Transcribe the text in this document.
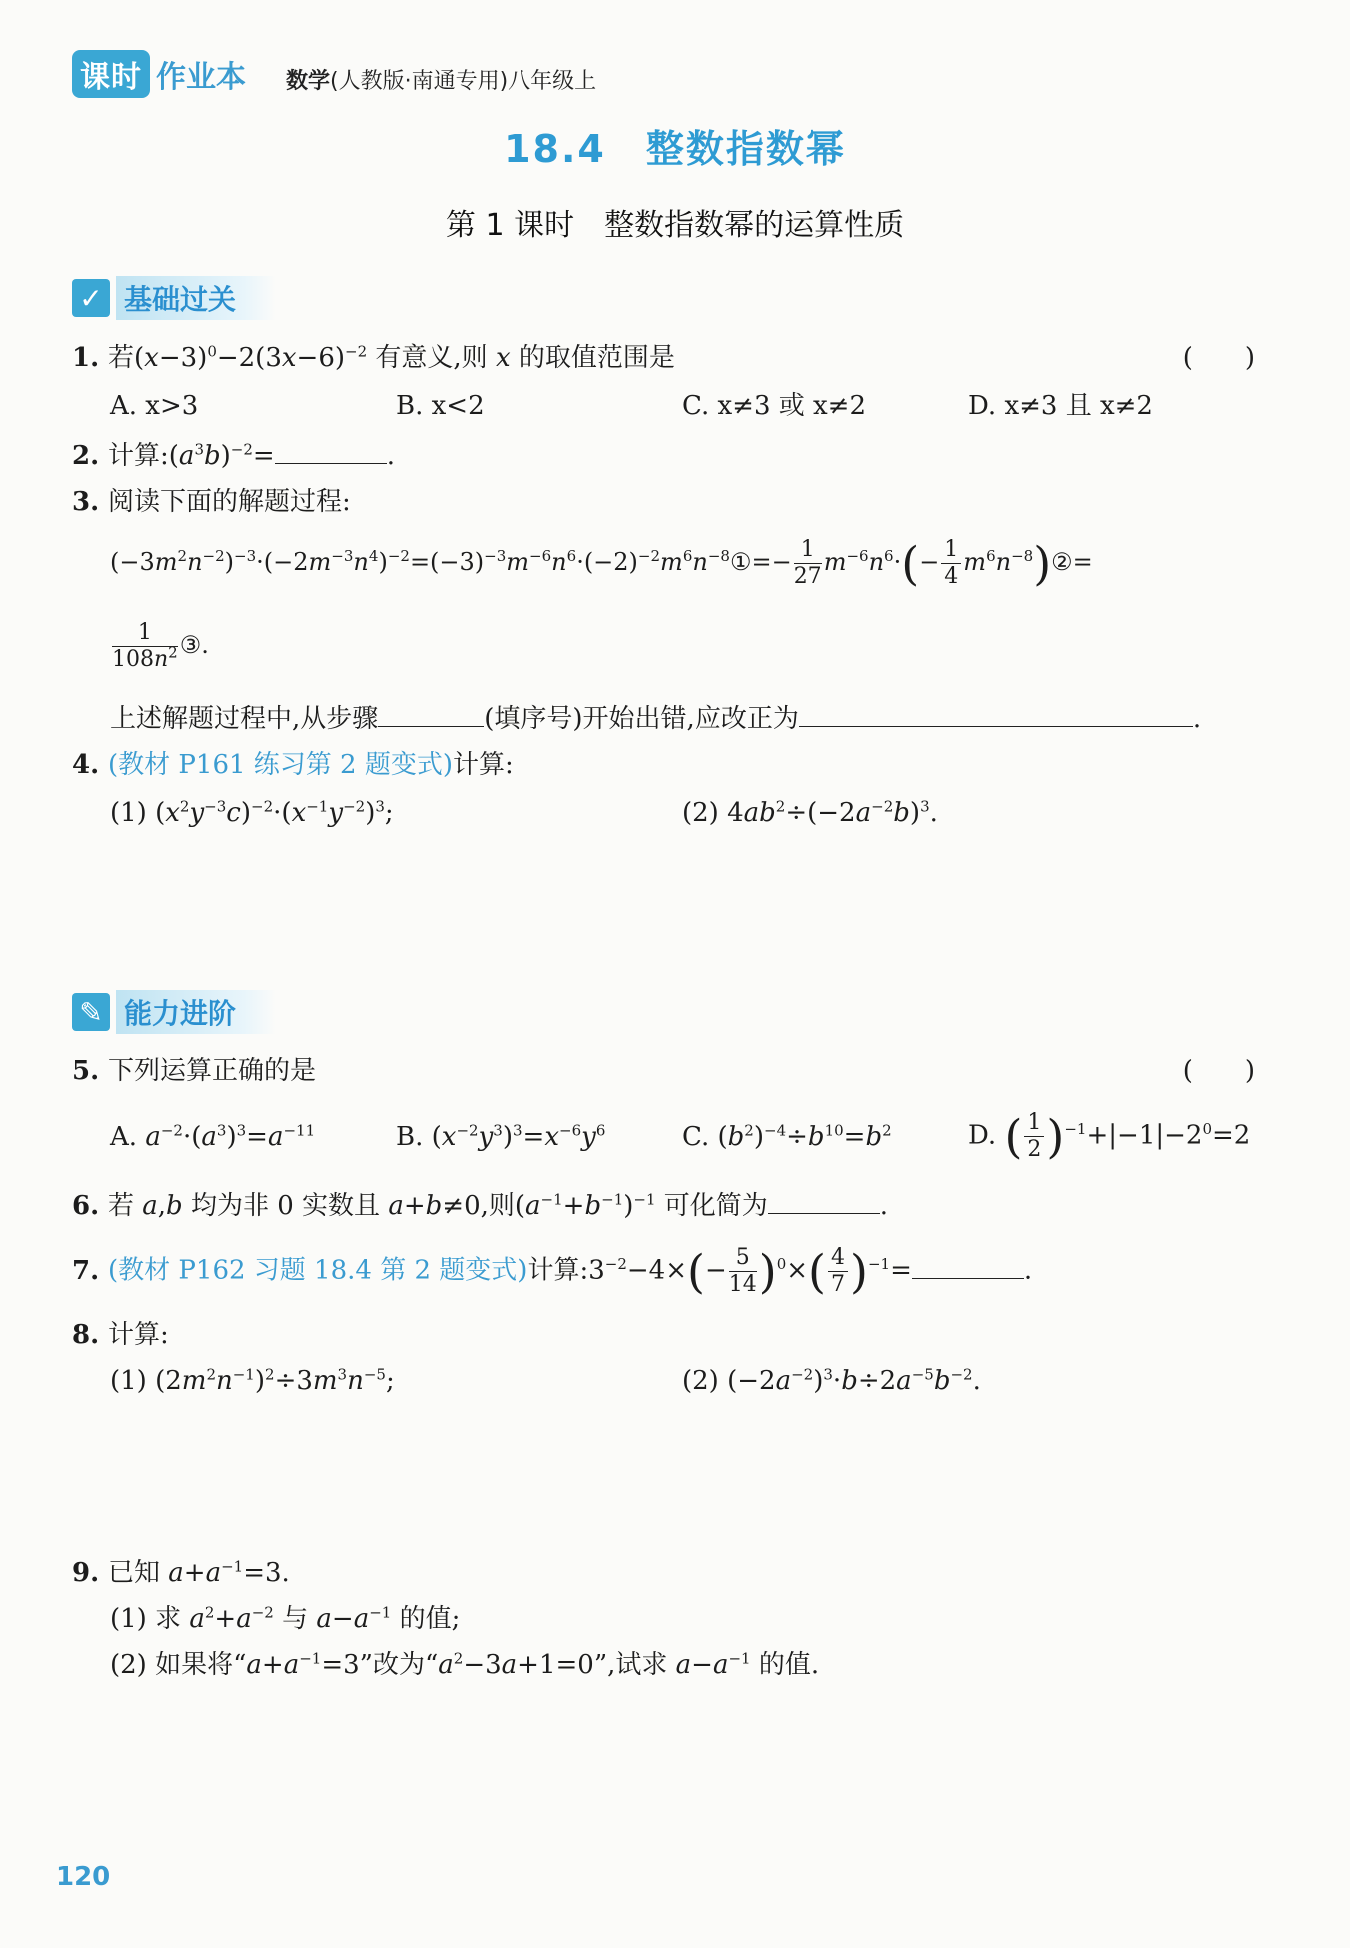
课时 作业本 数学(人教版·南通专用)八年级上
18.4　整数指数幂
第 1 课时　整数指数幂的运算性质
✓ 基础过关
1. 若$(x-3)^0-2(3x-6)^{-2}$ 有意义,则 x 的取值范围是	(　　)
A. x>3	B. x<2	C. x≠3 或 x≠2	D. x≠3 且 x≠2
2. 计算$:(a^3b)^{-2}=$	.
3. 阅读下面的解题过程:
$(-3m^2n^{-2})^{-3}\cdot(-2m^{-3}n^4)^{-2}=(-3)^{-3}m^{-6}n^6\cdot(-2)^{-2}m^6n^{-8}①=- \frac{1}{27} m^{-6}n^6\cdot(- \frac{1}{4}$ $m^6n^{-8})②=$
$\frac{1}{108n^2}$ ③.
上述解题过程中,从步骤	(填序号)开始出错,应改正为	.
4. (教材 P161 练习第 2 题变式)计算:
(1) $(x^2y^{-3}c)^{-2}\cdot(x^{-1}y^{-2})^3$;	(2) $4ab^2\div(-2a^{-2}b)^3$.
✎ 能力进阶
5. 下列运算正确的是	(　　)
A. $a^{-2}\cdot(a^3)^3=a^{-11}$	B. $(x^{-2}y^3)^3=x^{-6}y^6$	C. $(b^2)^{-4}\div b^{10}=b^2$	D. ( $\frac{1}{2} )^{-1}+|-1|-2^0=2$
6. 若 a,b 均为非 0 实数且 a+b≠0,则$(a^{-1}+b^{-1})^{-1}$ 可化简为	.
7. (教材 P162 习题 18.4 第 2 题变式)计算$:3^{-2}-4\times(- \frac{5}{14} )^0\times( \frac{4}{7} )^{-1}=$	.
8. 计算:
(1) $(2m^2n^{-1})^2\div 3m^3n^{-5}$;	(2) $(-2a^{-2})^3\cdot b\div 2a^{-5}b^{-2}$.
9. 已知 $a+a^{-1}=3$.
(1) 求 $a^2+a^{-2}$ 与 $a-a^{-1}$ 的值;
(2) 如果将“$a+a^{-1}=3$”改为“$a^2-3a+1=0$”,试求 $a-a^{-1}$ 的值.
120
